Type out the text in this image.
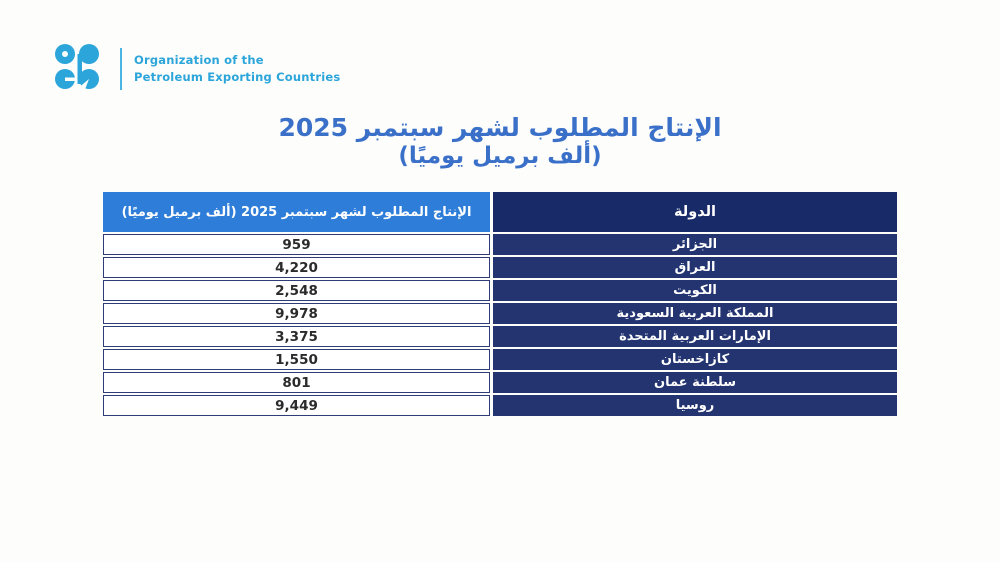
Organization of the
Petroleum Exporting Countries
الإنتاج المطلوب لشهر سبتمبر 2025
(ألف برميل يوميًا)
الدولة
الإنتاج المطلوب لشهر سبتمبر 2025 (ألف برميل يوميًا)
الجزائر
959
العراق
4,220
الكويت
2,548
المملكة العربية السعودية
9,978
الإمارات العربية المتحدة
3,375
كازاخستان
1,550
سلطنة عمان
801
روسيا
9,449
